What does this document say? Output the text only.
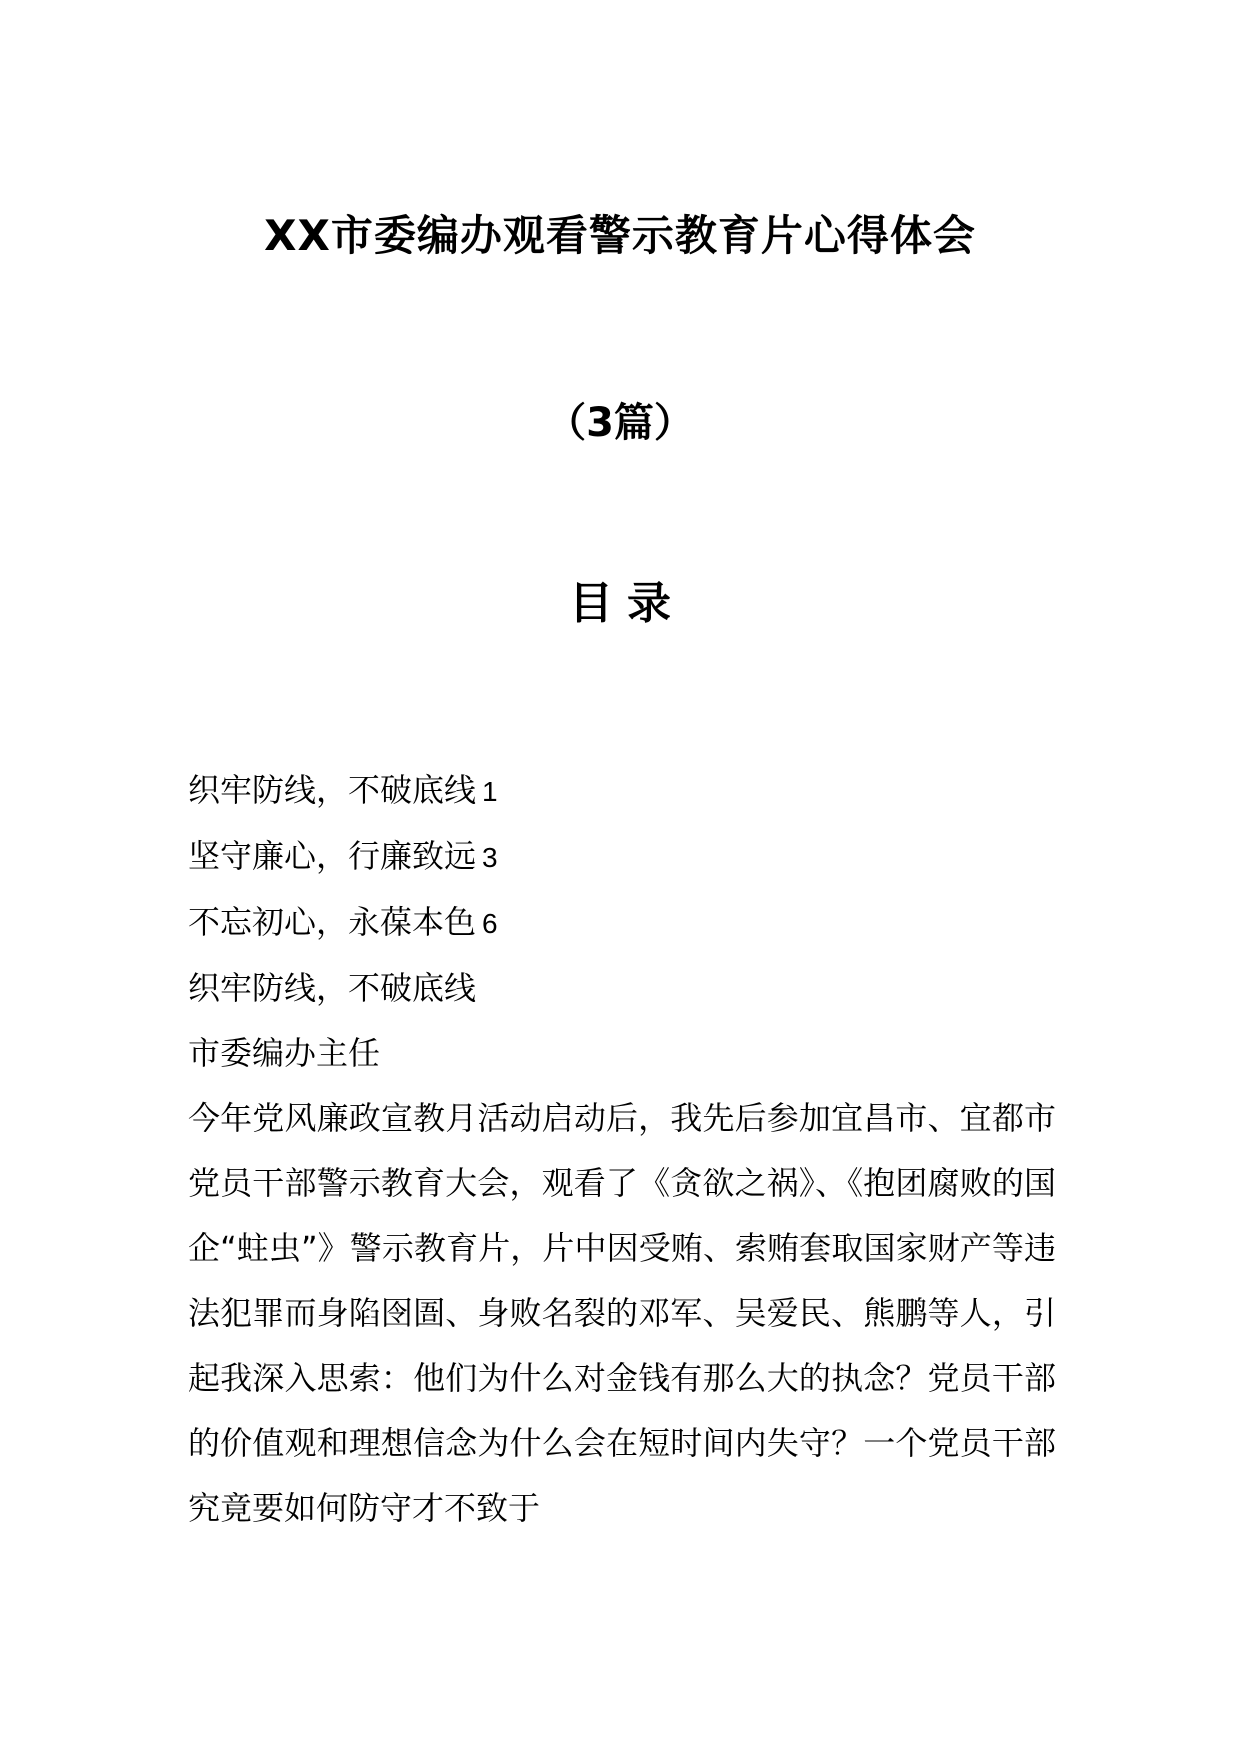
XX市委编办观看警示教育片心得体会
（3篇）
目录
织牢防线，不破底线 1
坚守廉心，行廉致远 3
不忘初心，永葆本色 6
织牢防线，不破底线
市委编办主任
今年党风廉政宣教月活动启动后，我先后参加宜昌市、宜都市党员干部警示教育大会，观看了《贪欲之祸》、《抱团腐败的国企“蛀虫”》警示教育片，片中因受贿、索贿套取国家财产等违法犯罪而身陷囹圄、身败名裂的邓军、吴爱民、熊鹏等人，引起我深入思索：他们为什么对金钱有那么大的执念？党员干部的价值观和理想信念为什么会在短时间内失守？一个党员干部究竟要如何防守才不致于
